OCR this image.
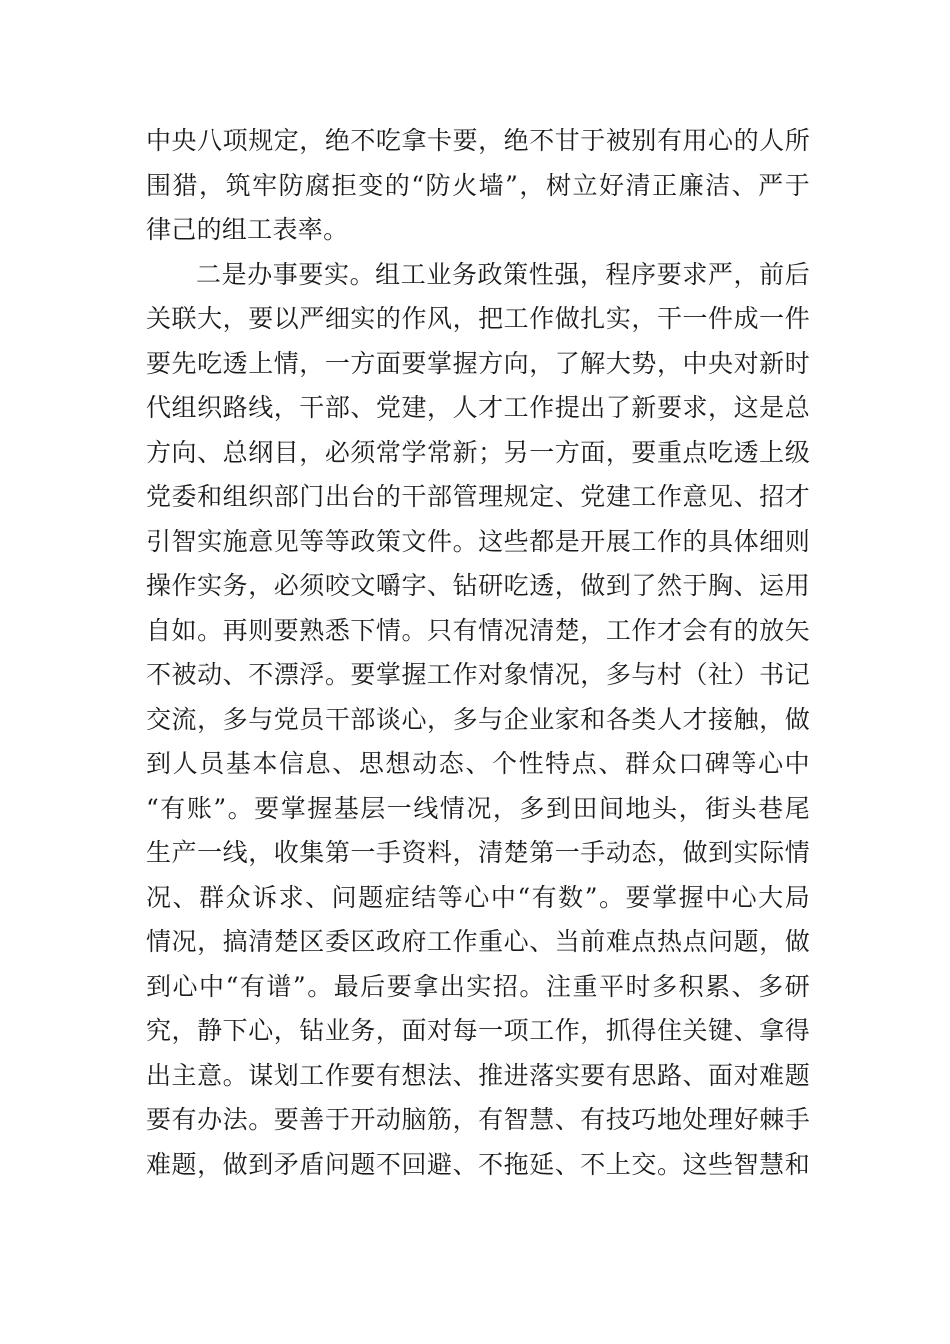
中央八项规定，绝不吃拿卡要，绝不甘于被别有用心的人所
围猎，筑牢防腐拒变的“防火墙”，树立好清正廉洁、严于
律己的组工表率。
二是办事要实。组工业务政策性强，程序要求严，前后
关联大，要以严细实的作风，把工作做扎实，干一件成一件
要先吃透上情，一方面要掌握方向，了解大势，中央对新时
代组织路线，干部、党建，人才工作提出了新要求，这是总
方向、总纲目，必须常学常新；另一方面，要重点吃透上级
党委和组织部门出台的干部管理规定、党建工作意见、招才
引智实施意见等等政策文件。这些都是开展工作的具体细则
操作实务，必须咬文嚼字、钻研吃透，做到了然于胸、运用
自如。再则要熟悉下情。只有情况清楚，工作才会有的放矢
不被动、不漂浮。要掌握工作对象情况，多与村（社）书记
交流，多与党员干部谈心，多与企业家和各类人才接触，做
到人员基本信息、思想动态、个性特点、群众口碑等心中
“有账”。要掌握基层一线情况，多到田间地头，街头巷尾
生产一线，收集第一手资料，清楚第一手动态，做到实际情
况、群众诉求、问题症结等心中“有数”。要掌握中心大局
情况，搞清楚区委区政府工作重心、当前难点热点问题，做
到心中“有谱”。最后要拿出实招。注重平时多积累、多研
究，静下心，钻业务，面对每一项工作，抓得住关键、拿得
出主意。谋划工作要有想法、推进落实要有思路、面对难题
要有办法。要善于开动脑筋，有智慧、有技巧地处理好棘手
难题，做到矛盾问题不回避、不拖延、不上交。这些智慧和
